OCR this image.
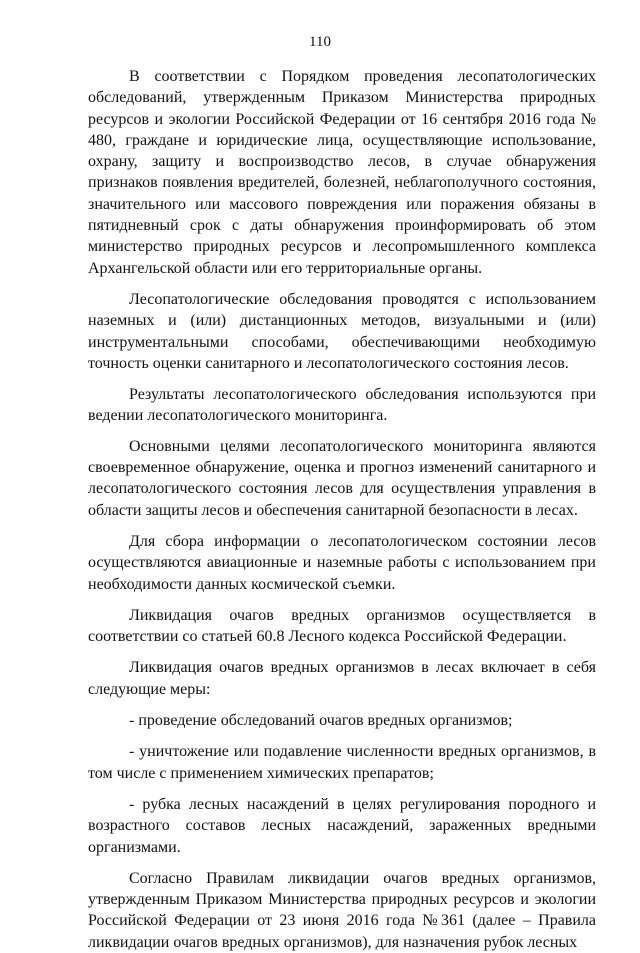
110

В соответствии с Порядком проведения лесопатологических обследований, утвержденным Приказом Министерства природных ресурсов и экологии Российской Федерации от 16 сентября 2016 года № 480, граждане и юридические лица, осуществляющие использование, охрану, защиту и воспроизводство лесов, в случае обнаружения признаков появления вредителей, болезней, неблагополучного состояния, значительного или массового повреждения или поражения обязаны в пятидневный срок с даты обнаружения проинформировать об этом министерство природных ресурсов и лесопромышленного комплекса Архангельской области или его территориальные органы.

Лесопатологические обследования проводятся с использованием наземных и (или) дистанционных методов, визуальными и (или) инструментальными способами, обеспечивающими необходимую точность оценки санитарного и лесопатологического состояния лесов.

Результаты лесопатологического обследования используются при ведении лесопатологического мониторинга.

Основными целями лесопатологического мониторинга являются своевременное обнаружение, оценка и прогноз изменений санитарного и лесопатологического состояния лесов для осуществления управления в области защиты лесов и обеспечения санитарной безопасности в лесах.

Для сбора информации о лесопатологическом состоянии лесов осуществляются авиационные и наземные работы с использованием при необходимости данных космической съемки.

Ликвидация очагов вредных организмов осуществляется в соответствии со статьей 60.8 Лесного кодекса Российской Федерации.

Ликвидация очагов вредных организмов в лесах включает в себя следующие меры:

- проведение обследований очагов вредных организмов;

- уничтожение или подавление численности вредных организмов, в том числе с применением химических препаратов;

- рубка лесных насаждений в целях регулирования породного и возрастного составов лесных насаждений, зараженных вредными организмами.

Согласно Правилам ликвидации очагов вредных организмов, утвержденным Приказом Министерства природных ресурсов и экологии Российской Федерации от 23 июня 2016 года №361 (далее – Правила ликвидации очагов вредных организмов), для назначения рубок лесных
